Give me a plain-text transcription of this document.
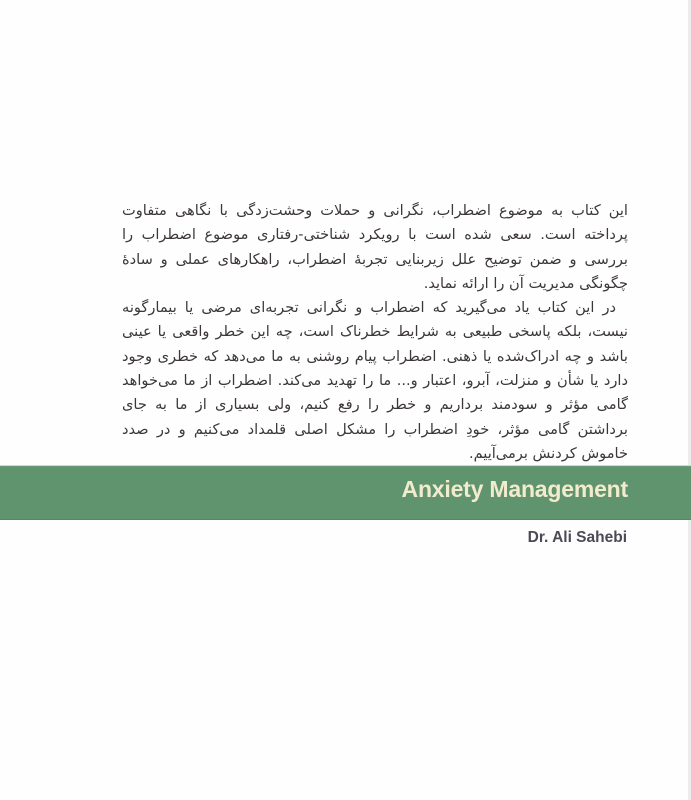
این کتاب به موضوع اضطراب، نگرانی و حملات وحشت‌زدگی با نگاهی متفاوت پرداخته است. سعی شده است با رویکرد شناختی-رفتاری موضوع اضطراب را بررسی و ضمن توضیح علل زیربنایی تجربهٔ اضطراب، راهکارهای عملی و سادهٔ چگونگی مدیریت آن را ارائه نماید.

در این کتاب یاد می‌گیرید که اضطراب و نگرانی تجربه‌ای مرضی یا بیمارگونه نیست، بلکه پاسخی طبیعی به شرایط خطرناک است، چه این خطر واقعی یا عینی باشد و چه ادراک‌شده یا ذهنی. اضطراب پیام روشنی به ما می‌دهد که خطری وجود دارد یا شأن و منزلت، آبرو، اعتبار و... ما را تهدید می‌کند. اضطراب از ما می‌خواهد گامی مؤثر و سودمند برداریم و خطر را رفع کنیم، ولی بسیاری از ما به جای برداشتن گامی مؤثر، خودِ اضطراب را مشکل اصلی قلمداد می‌کنیم و در صدد خاموش کردنش برمی‌آییم.

Anxiety Management
Dr. Ali Sahebi
